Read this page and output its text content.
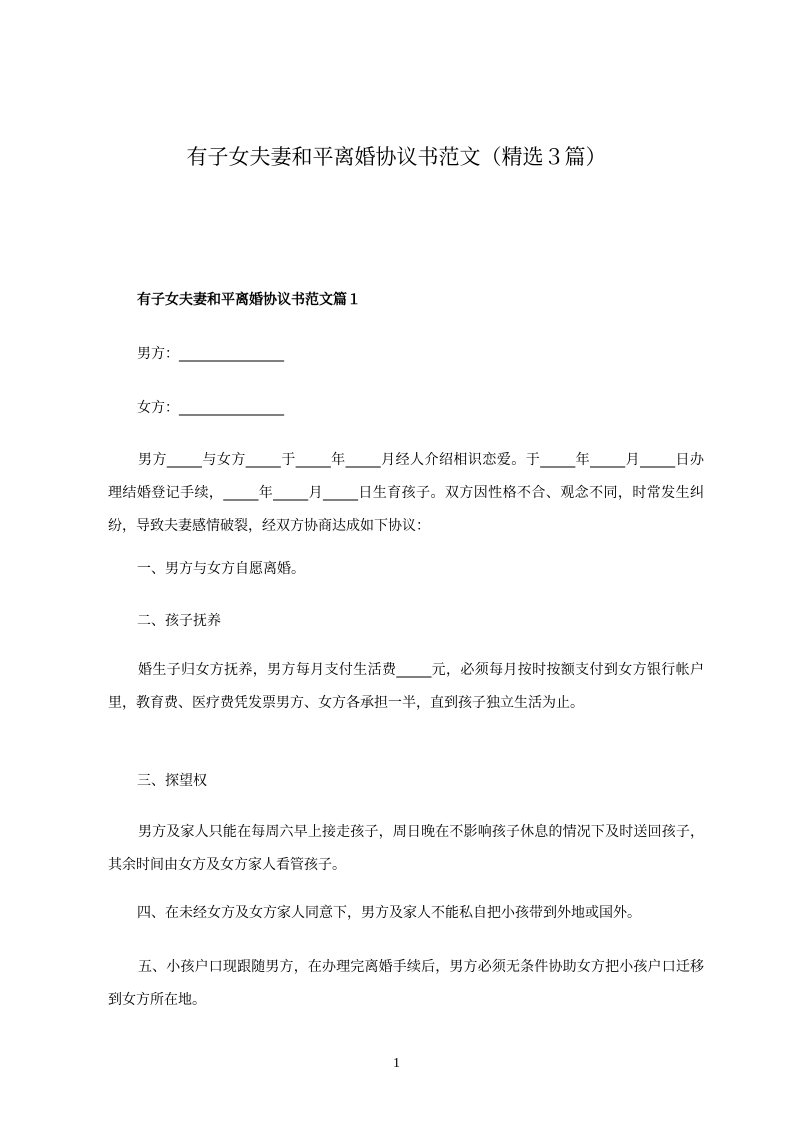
有子女夫妻和平离婚协议书范文（精选３篇）
有子女夫妻和平离婚协议书范文篇１

男方：_______________

女方：_______________

男方_____与女方_____于_____年_____月经人介绍相识恋爱。于_____年_____月_____日办理结婚登记手续，_____年_____月_____日生育孩子。双方因性格不合、观念不同，时常发生纠纷，导致夫妻感情破裂，经双方协商达成如下协议：

一、男方与女方自愿离婚。

二、孩子抚养

婚生子归女方抚养，男方每月支付生活费_____元，必须每月按时按额支付到女方银行帐户里，教育费、医疗费凭发票男方、女方各承担一半，直到孩子独立生活为止。

三、探望权

男方及家人只能在每周六早上接走孩子，周日晚在不影响孩子休息的情况下及时送回孩子，其余时间由女方及女方家人看管孩子。

四、在未经女方及女方家人同意下，男方及家人不能私自把小孩带到外地或国外。

五、小孩户口现跟随男方，在办理完离婚手续后，男方必须无条件协助女方把小孩户口迁移到女方所在地。

1
